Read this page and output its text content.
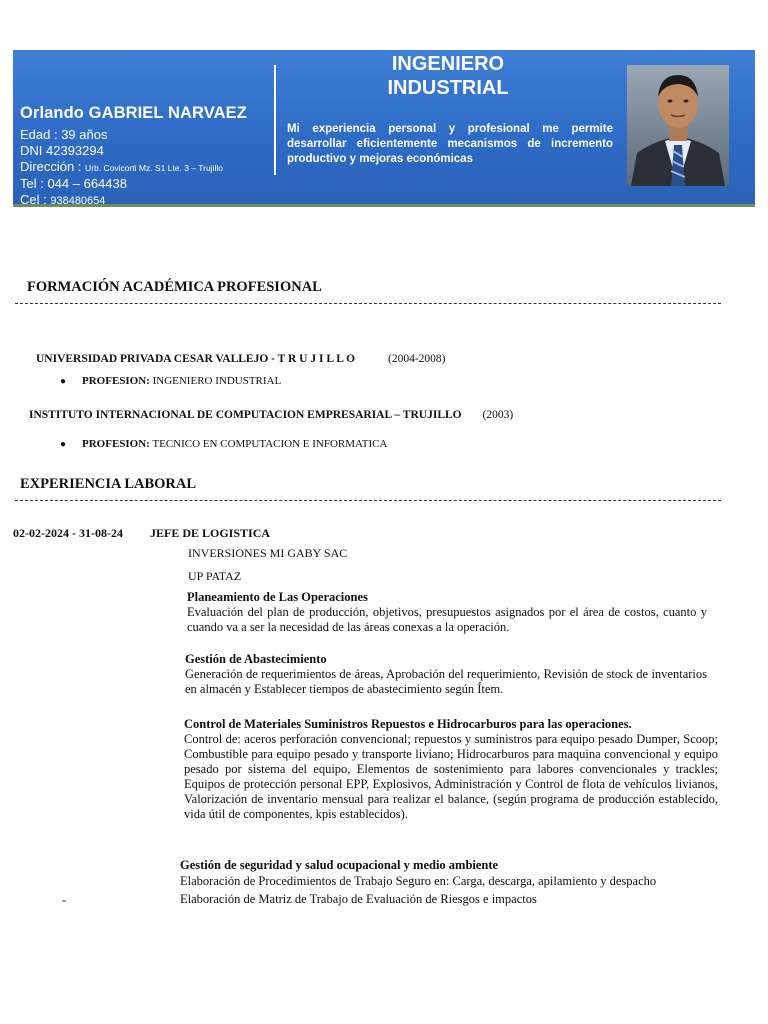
Orlando GABRIEL NARVAEZ
Edad : 39 años
DNI 42393294
Dirección : Urb. Covicorti Mz. S1 Lte. 3 – Trujillo
Tel : 044 – 664438
Cel : 938480654
INGENIERO
INDUSTRIAL
Mi experiencia personal y profesional me permite desarrollar eficientemente mecanismos de incremento productivo y mejoras económicas
FORMACIÓN ACADÉMICA PROFESIONAL
UNIVERSIDAD PRIVADA CESAR VALLEJO - T R U J I L L O	(2004-2008)
● PROFESION: INGENIERO INDUSTRIAL
INSTITUTO INTERNACIONAL DE COMPUTACION EMPRESARIAL – TRUJILLO (2003)
● PROFESION: TECNICO EN COMPUTACION E INFORMATICA
EXPERIENCIA LABORAL
02-02-2024 - 31-08-24 JEFE DE LOGISTICA
INVERSIONES MI GABY SAC
UP PATAZ
Planeamiento de Las Operaciones
Evaluación del plan de producción, objetivos, presupuestos asignados por el área de costos, cuanto y cuando va a ser la necesidad de las áreas conexas a la operación.
Gestión de Abastecimiento
Generación de requerimientos de áreas, Aprobación del requerimiento, Revisión de stock de inventarios en almacén y Establecer tiempos de abastecimiento según Ítem.
Control de Materiales Suministros Repuestos e Hidrocarburos para las operaciones.
Control de: aceros perforación convencional; repuestos y suministros para equipo pesado Dumper, Scoop; Combustible para equipo pesado y transporte liviano; Hidrocarburos para maquina convencional y equipo pesado por sistema del equipo, Elementos de sostenimiento para labores convencionales y trackles; Equipos de protección personal EPP, Explosivos, Administración y Control de flota de vehículos livianos, Valorización de inventario mensual para realizar el balance, (según programa de producción establecido, vida útil de componentes, kpis establecidos).
Gestión de seguridad y salud ocupacional y medio ambiente
Elaboración de Procedimientos de Trabajo Seguro en: Carga, descarga, apilamiento y despacho
-	Elaboración de Matriz de Trabajo de Evaluación de Riesgos e impactos
